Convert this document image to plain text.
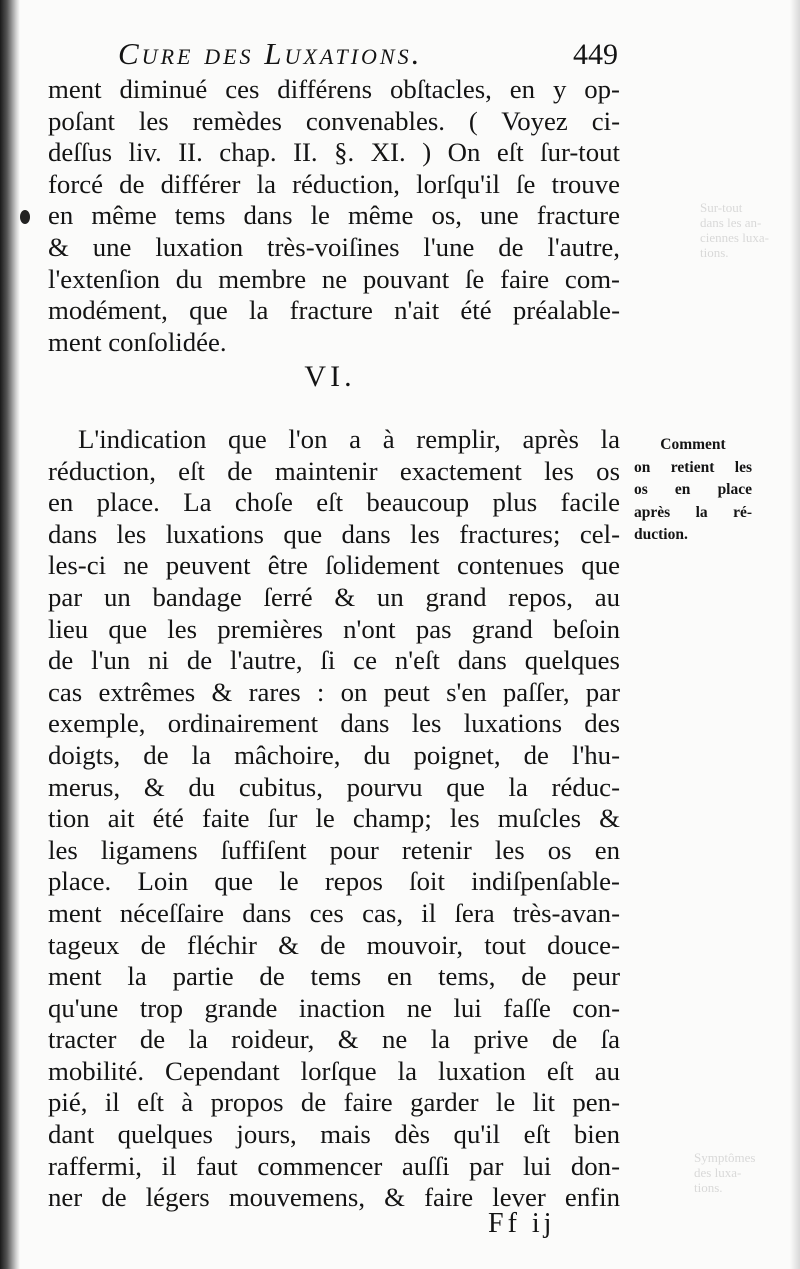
Sur-tout
dans les an-
ciennes luxa-
tions.
Symptômes
des luxa-
tions.
Cure des Luxations.	449
ment diminué ces différens obſtacles, en y op-
poſant les remèdes convenables. ( Voyez ci-
deſſus liv. II. chap. II. §. XI. ) On eſt ſur-tout
forcé de différer la réduction, lorſqu'il ſe trouve
en même tems dans le même os, une fracture
& une luxation très-voiſines l'une de l'autre,
l'extenſion du membre ne pouvant ſe faire com-
modément, que la fracture n'ait été préalable-
ment conſolidée.
VI.
L'indication que l'on a à remplir, après la
réduction, eſt de maintenir exactement les os
en place. La choſe eſt beaucoup plus facile
dans les luxations que dans les fractures; cel-
les-ci ne peuvent être ſolidement contenues que
par un bandage ſerré & un grand repos, au
lieu que les premières n'ont pas grand beſoin
de l'un ni de l'autre, ſi ce n'eſt dans quelques
cas extrêmes & rares : on peut s'en paſſer, par
exemple, ordinairement dans les luxations des
doigts, de la mâchoire, du poignet, de l'hu-
merus, & du cubitus, pourvu que la réduc-
tion ait été faite ſur le champ; les muſcles &
les ligamens ſuffiſent pour retenir les os en
place. Loin que le repos ſoit indiſpenſable-
ment néceſſaire dans ces cas, il ſera très-avan-
tageux de fléchir & de mouvoir, tout douce-
ment la partie de tems en tems, de peur
qu'une trop grande inaction ne lui faſſe con-
tracter de la roideur, & ne la prive de ſa
mobilité. Cependant lorſque la luxation eſt au
pié, il eſt à propos de faire garder le lit pen-
dant quelques jours, mais dès qu'il eſt bien
raffermi, il faut commencer auſſi par lui don-
ner de légers mouvemens, & faire lever enfin
Comment
on retient les
os en place
après la ré-
duction.
Ff ij
